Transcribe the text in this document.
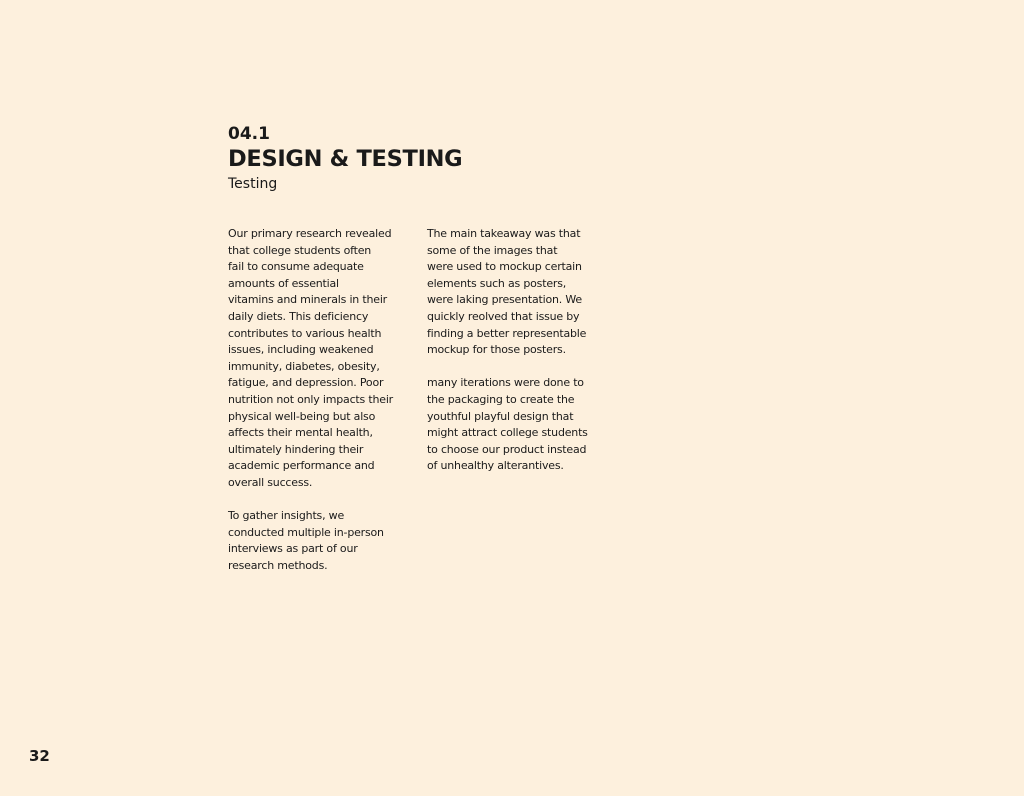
04.1
DESIGN & TESTING
Testing
Our primary research revealed
that college students often
fail to consume adequate
amounts of essential
vitamins and minerals in their
daily diets. This deficiency
contributes to various health
issues, including weakened
immunity, diabetes, obesity,
fatigue, and depression. Poor
nutrition not only impacts their
physical well-being but also
affects their mental health,
ultimately hindering their
academic performance and
overall success.
To gather insights, we
conducted multiple in-person
interviews as part of our
research methods.
The main takeaway was that
some of the images that
were used to mockup certain
elements such as posters,
were laking presentation. We
quickly reolved that issue by
finding a better representable
mockup for those posters.
many iterations were done to
the packaging to create the
youthful playful design that
might attract college students
to choose our product instead
of unhealthy alterantives.
32
